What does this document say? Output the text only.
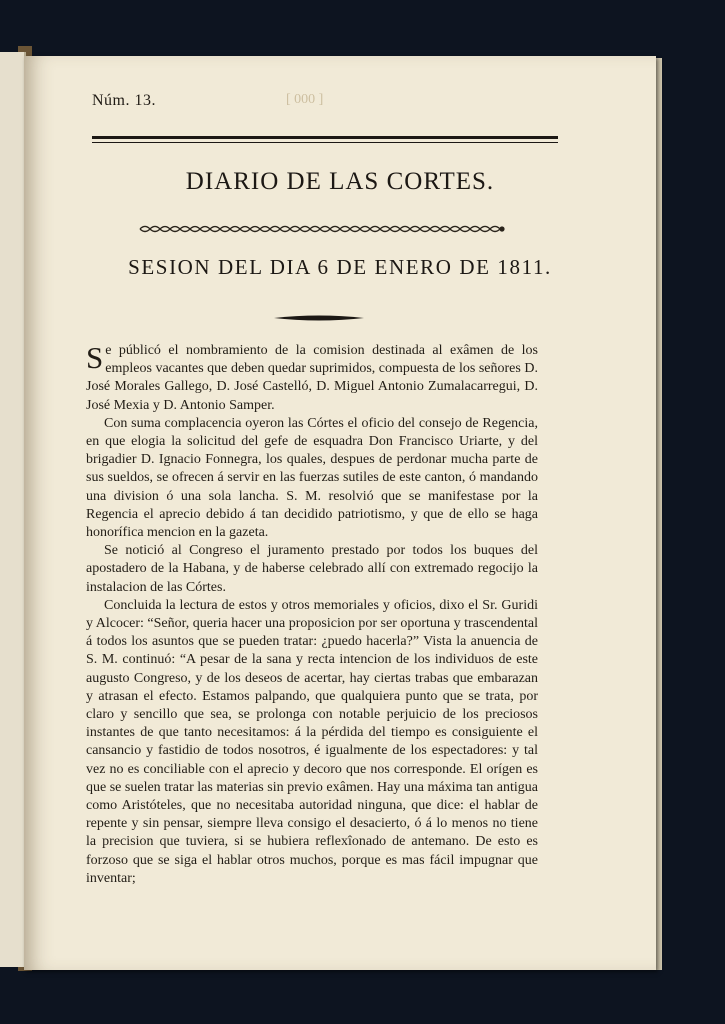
Núm. 13.	[ 000 ]
DIARIO DE LAS CORTES.
SESION DEL DIA 6 DE ENERO DE 1811.

Se públicó el nombramiento de la comision destinada al exâmen de los empleos vacantes que deben quedar suprimidos, compuesta de los señores D. José Morales Gallego, D. José Castelló, D. Miguel Antonio Zumalacarregui, D. José Mexia y D. Antonio Samper.

Con suma complacencia oyeron las Córtes el oficio del consejo de Regencia, en que elogia la solicitud del gefe de esquadra Don Francisco Uriarte, y del brigadier D. Ignacio Fonnegra, los quales, despues de perdonar mucha parte de sus sueldos, se ofrecen á servir en las fuerzas sutiles de este canton, ó mandando una division ó una sola lancha. S. M. resolvió que se manifestase por la Regencia el aprecio debido á tan decidido patriotismo, y que de ello se haga honorífica mencion en la gazeta.

Se notició al Congreso el juramento prestado por todos los buques del apostadero de la Habana, y de haberse celebrado allí con extremado regocijo la instalacion de las Córtes.

Concluida la lectura de estos y otros memoriales y oficios, dixo el Sr. Guridi y Alcocer: “Señor, queria hacer una proposicion por ser oportuna y trascendental á todos los asuntos que se pueden tratar: ¿puedo hacerla?” Vista la anuencia de S. M. continuó: “A pesar de la sana y recta intencion de los individuos de este augusto Congreso, y de los deseos de acertar, hay ciertas trabas que embarazan y atrasan el efecto. Estamos palpando, que qualquiera punto que se trata, por claro y sencillo que sea, se prolonga con notable perjuicio de los preciosos instantes de que tanto necesitamos: á la pérdida del tiempo es consiguiente el cansancio y fastidio de todos nosotros, é igualmente de los espectadores: y tal vez no es conciliable con el aprecio y decoro que nos corresponde. El orígen es que se suelen tratar las materias sin previo exâmen. Hay una máxima tan antigua como Aristóteles, que no necesitaba autoridad ninguna, que dice: el hablar de repente y sin pensar, siempre lleva consigo el desacierto, ó á lo menos no tiene la precision que tuviera, si se hubiera reflexîonado de antemano. De esto es forzoso que se siga el hablar otros muchos, porque es mas fácil impugnar que inventar;
